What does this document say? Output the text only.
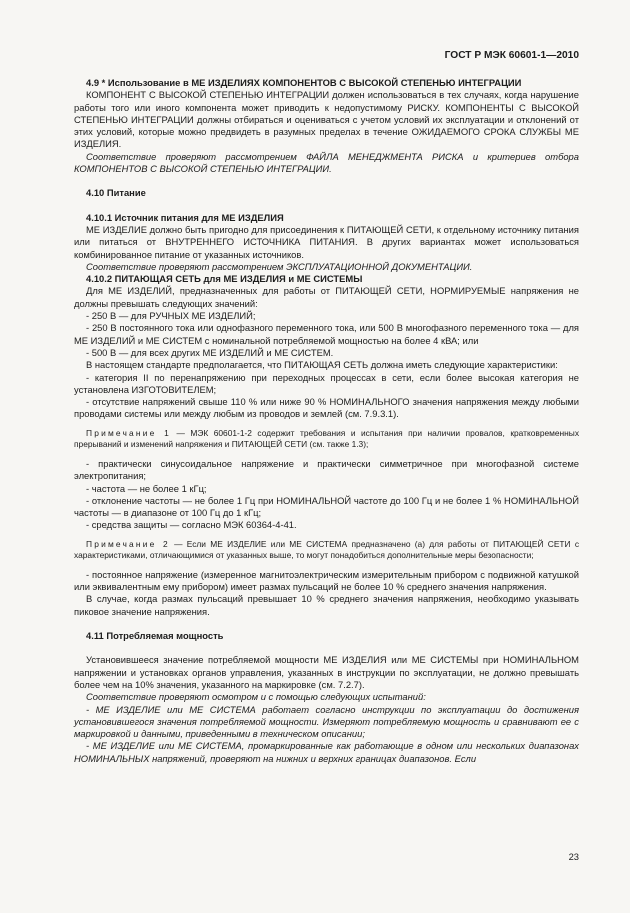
ГОСТ Р МЭК 60601-1—2010

4.9 * Использование в МЕ ИЗДЕЛИЯХ КОМПОНЕНТОВ С ВЫСОКОЙ СТЕПЕНЬЮ ИНТЕГРАЦИИ

КОМПОНЕНТ С ВЫСОКОЙ СТЕПЕНЬЮ ИНТЕГРАЦИИ должен использоваться в тех случаях, когда нарушение работы того или иного компонента может приводить к недопустимому РИСКУ. КОМПОНЕНТЫ С ВЫСОКОЙ СТЕПЕНЬЮ ИНТЕГРАЦИИ должны отбираться и оцениваться с учетом условий их эксплуатации и отклонений от этих условий, которые можно предвидеть в разумных пределах в течение ОЖИДАЕМОГО СРОКА СЛУЖБЫ МЕ ИЗДЕЛИЯ.

Соответствие проверяют рассмотрением ФАЙЛА МЕНЕДЖМЕНТА РИСКА и критериев отбора КОМПОНЕНТОВ С ВЫСОКОЙ СТЕПЕНЬЮ ИНТЕГРАЦИИ.

4.10 Питание

4.10.1 Источник питания для МЕ ИЗДЕЛИЯ

МЕ ИЗДЕЛИЕ должно быть пригодно для присоединения к ПИТАЮЩЕЙ СЕТИ, к отдельному источнику питания или питаться от ВНУТРЕННЕГО ИСТОЧНИКА ПИТАНИЯ. В других вариантах может использоваться комбинированное питание от указанных источников.

Соответствие проверяют рассмотрением ЭКСПЛУАТАЦИОННОЙ ДОКУМЕНТАЦИИ.

4.10.2 ПИТАЮЩАЯ СЕТЬ для МЕ ИЗДЕЛИЯ и МЕ СИСТЕМЫ

Для МЕ ИЗДЕЛИЙ, предназначенных для работы от ПИТАЮЩЕЙ СЕТИ, НОРМИРУЕМЫЕ напряжения не должны превышать следующих значений:

- 250 В — для РУЧНЫХ МЕ ИЗДЕЛИЙ;

- 250 В постоянного тока или однофазного переменного тока, или 500 В многофазного переменного тока — для МЕ ИЗДЕЛИЙ и МЕ СИСТЕМ с номинальной потребляемой мощностью на более 4 кВА; или

- 500 В — для всех других МЕ ИЗДЕЛИЙ и МЕ СИСТЕМ.

В настоящем стандарте предполагается, что ПИТАЮЩАЯ СЕТЬ должна иметь следующие характеристики:

- категория II по перенапряжению при переходных процессах в сети, если более высокая категория не установлена ИЗГОТОВИТЕЛЕМ;

- отсутствие напряжений свыше 110 % или ниже 90 % НОМИНАЛЬНОГО значения напряжения между любыми проводами системы или между любым из проводов и землей (см. 7.9.3.1).

Примечание 1 — МЭК 60601-1-2 содержит требования и испытания при наличии провалов, кратковременных прерываний и изменений напряжения и ПИТАЮЩЕЙ СЕТИ (см. также 1.3);

- практически синусоидальное напряжение и практически симметричное при многофазной системе электропитания;

- частота — не более 1 кГц;

- отклонение частоты — не более 1 Гц при НОМИНАЛЬНОЙ частоте до 100 Гц и не более 1 % НОМИНАЛЬНОЙ частоты — в диапазоне от 100 Гц до 1 кГц;

- средства защиты — согласно МЭК 60364-4-41.

Примечание 2 — Если МЕ ИЗДЕЛИЕ или МЕ СИСТЕМА предназначено (а) для работы от ПИТАЮЩЕЙ СЕТИ с характеристиками, отличающимися от указанных выше, то могут понадобиться дополнительные меры безопасности;

- постоянное напряжение (измеренное магнитоэлектрическим измерительным прибором с подвижной катушкой или эквивалентным ему прибором) имеет размах пульсаций не более 10 % среднего значения напряжения.

В случае, когда размах пульсаций превышает 10 % среднего значения напряжения, необходимо указывать пиковое значение напряжения.

4.11 Потребляемая мощность

Установившееся значение потребляемой мощности МЕ ИЗДЕЛИЯ или МЕ СИСТЕМЫ при НОМИНАЛЬНОМ напряжении и установках органов управления, указанных в инструкции по эксплуатации, не должно превышать более чем на 10% значения, указанного на маркировке (см. 7.2.7).

Соответствие проверяют осмотром и с помощью следующих испытаний:

- МЕ ИЗДЕЛИЕ или МЕ СИСТЕМА работает согласно инструкции по эксплуатации до достижения установившегося значения потребляемой мощности. Измеряют потребляемую мощность и сравнивают ее с маркировкой и данными, приведенными в техническом описании;

- МЕ ИЗДЕЛИЕ или МЕ СИСТЕМА, промаркированные как работающие в одном или нескольких диапазонах НОМИНАЛЬНЫХ напряжений, проверяют на нижних и верхних границах диапазонов. Если

23
